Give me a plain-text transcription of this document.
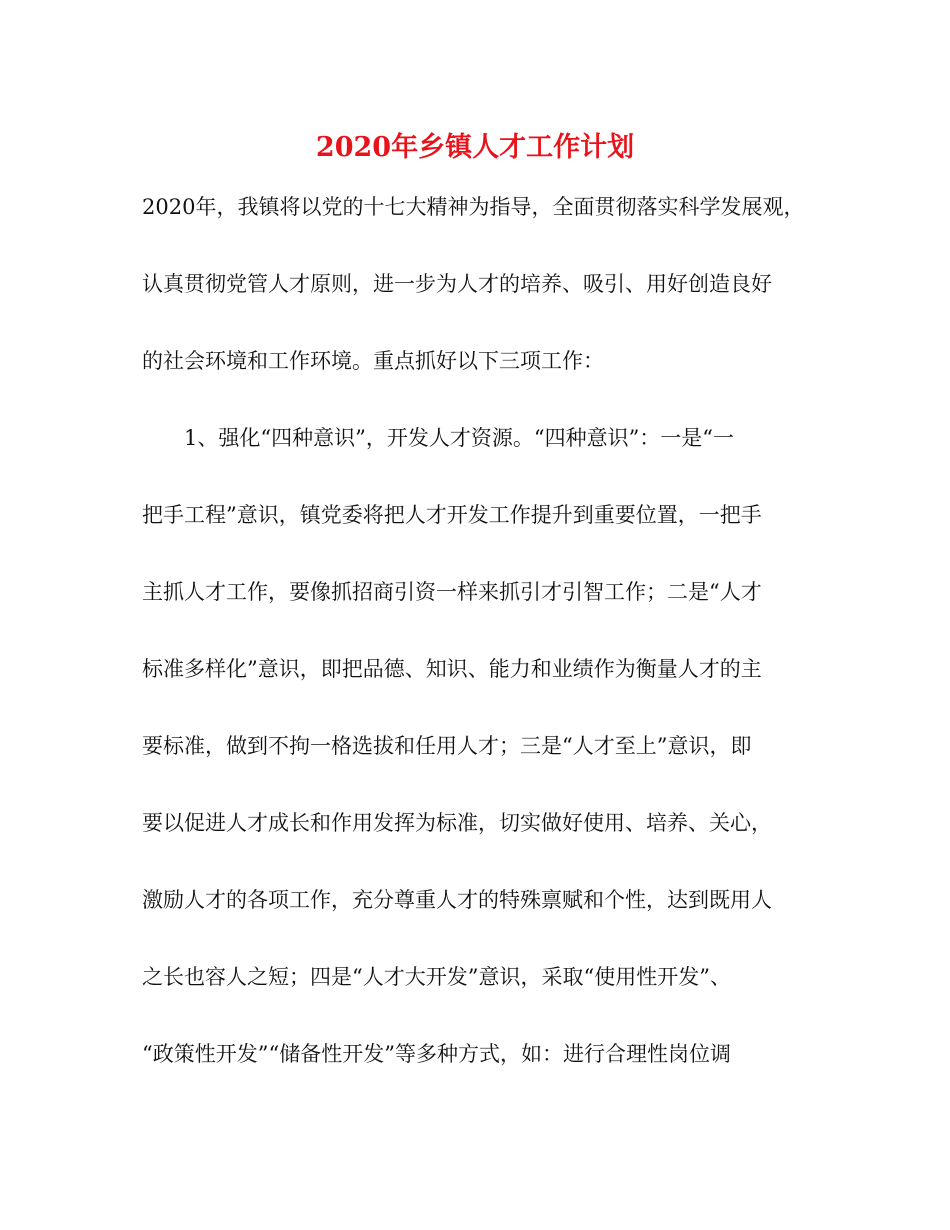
2020年乡镇人才工作计划

2020年，我镇将以党的十七大精神为指导，全面贯彻落实科学发展观，

认真贯彻党管人才原则，进一步为人才的培养、吸引、用好创造良好

的社会环境和工作环境。重点抓好以下三项工作：

　　1、强化“四种意识”，开发人才资源。“四种意识”：一是“一

把手工程”意识，镇党委将把人才开发工作提升到重要位置，一把手

主抓人才工作，要像抓招商引资一样来抓引才引智工作；二是“人才

标准多样化”意识，即把品德、知识、能力和业绩作为衡量人才的主

要标准，做到不拘一格选拔和任用人才；三是“人才至上”意识，即

要以促进人才成长和作用发挥为标准，切实做好使用、培养、关心，

激励人才的各项工作，充分尊重人才的特殊禀赋和个性，达到既用人

之长也容人之短；四是“人才大开发”意识，采取“使用性开发”、

“政策性开发”“储备性开发”等多种方式，如：进行合理性岗位调
